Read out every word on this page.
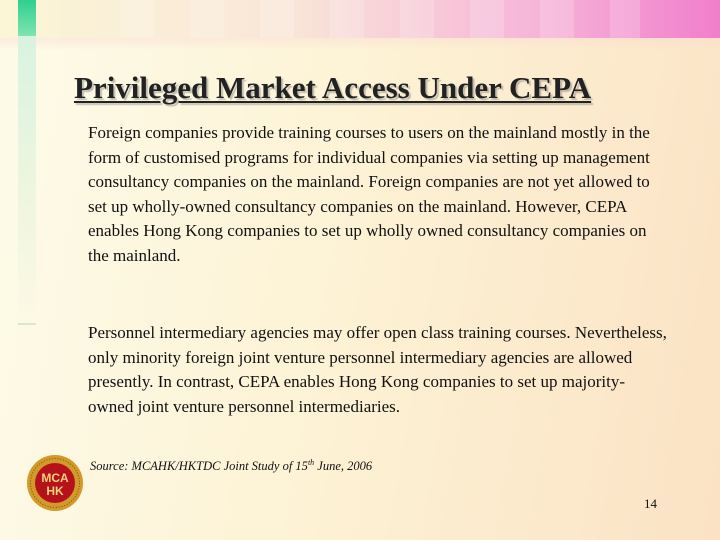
Privileged Market Access Under CEPA

Foreign companies provide training courses to users on the mainland mostly in the form of customised programs for individual companies via setting up management consultancy companies on the mainland. Foreign companies are not yet allowed to set up wholly-owned consultancy companies on the mainland. However, CEPA enables Hong Kong companies to set up wholly owned consultancy companies on the mainland.

Personnel intermediary agencies may offer open class training courses. Nevertheless, only minority foreign joint venture personnel intermediary agencies are allowed presently. In contrast, CEPA enables Hong Kong companies to set up majority-owned joint venture personnel intermediaries.

Source: MCAHK/HKTDC Joint Study of 15th June, 2006

14

MCA
HK
